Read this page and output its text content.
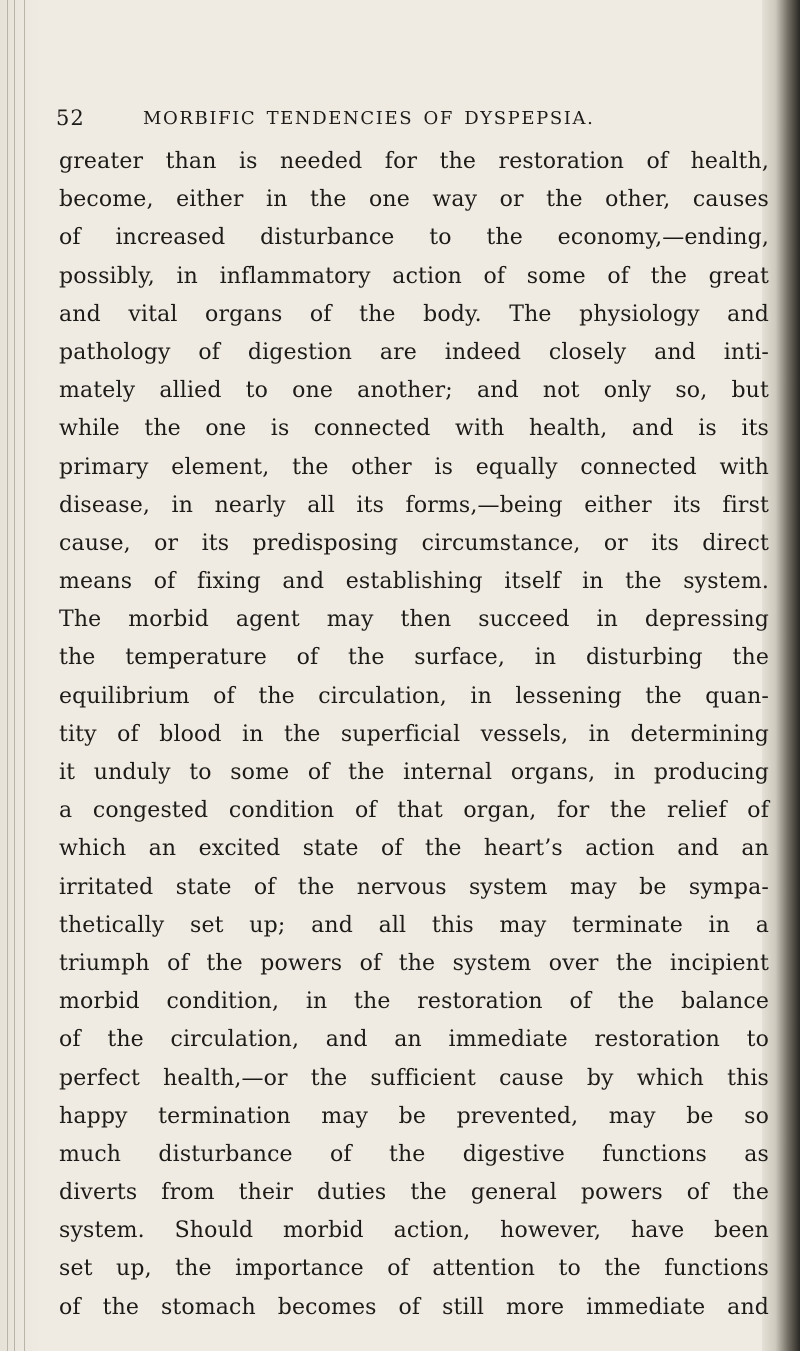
52	MORBIFIC TENDENCIES OF DYSPEPSIA.
greater than is needed for the restoration of health,
become, either in the one way or the other, causes
of increased disturbance to the economy,—ending,
possibly, in inflammatory action of some of the great
and vital organs of the body. The physiology and
pathology of digestion are indeed closely and inti-
mately allied to one another; and not only so, but
while the one is connected with health, and is its
primary element, the other is equally connected with
disease, in nearly all its forms,—being either its first
cause, or its predisposing circumstance, or its direct
means of fixing and establishing itself in the system.
The morbid agent may then succeed in depressing
the temperature of the surface, in disturbing the
equilibrium of the circulation, in lessening the quan-
tity of blood in the superficial vessels, in determining
it unduly to some of the internal organs, in producing
a congested condition of that organ, for the relief of
which an excited state of the heart’s action and an
irritated state of the nervous system may be sympa-
thetically set up; and all this may terminate in a
triumph of the powers of the system over the incipient
morbid condition, in the restoration of the balance
of the circulation, and an immediate restoration to
perfect health,—or the sufficient cause by which this
happy termination may be prevented, may be so
much disturbance of the digestive functions as
diverts from their duties the general powers of the
system. Should morbid action, however, have been
set up, the importance of attention to the functions
of the stomach becomes of still more immediate and
